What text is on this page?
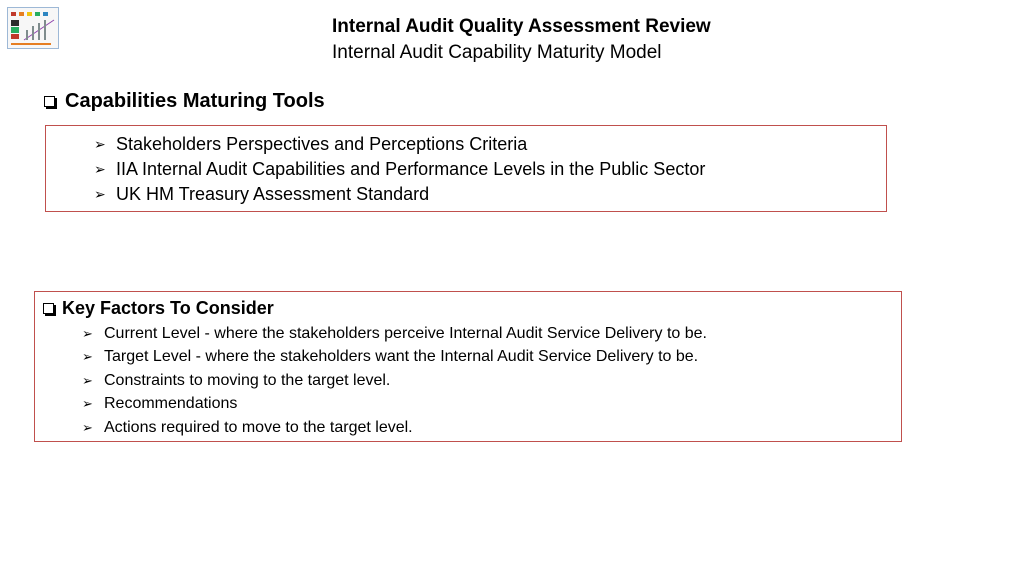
Internal Audit Quality Assessment Review
Internal Audit Capability Maturity Model
Capabilities Maturing Tools
➢ Stakeholders Perspectives and Perceptions Criteria
➢ IIA Internal Audit Capabilities and Performance Levels in the Public Sector
➢ UK HM Treasury Assessment Standard
Key Factors To Consider
➢ Current Level - where the stakeholders perceive Internal Audit Service Delivery to be.
➢ Target Level - where the stakeholders want the Internal Audit Service Delivery to be.
➢ Constraints to moving to the target level.
➢ Recommendations
➢ Actions required to move to the target level.
